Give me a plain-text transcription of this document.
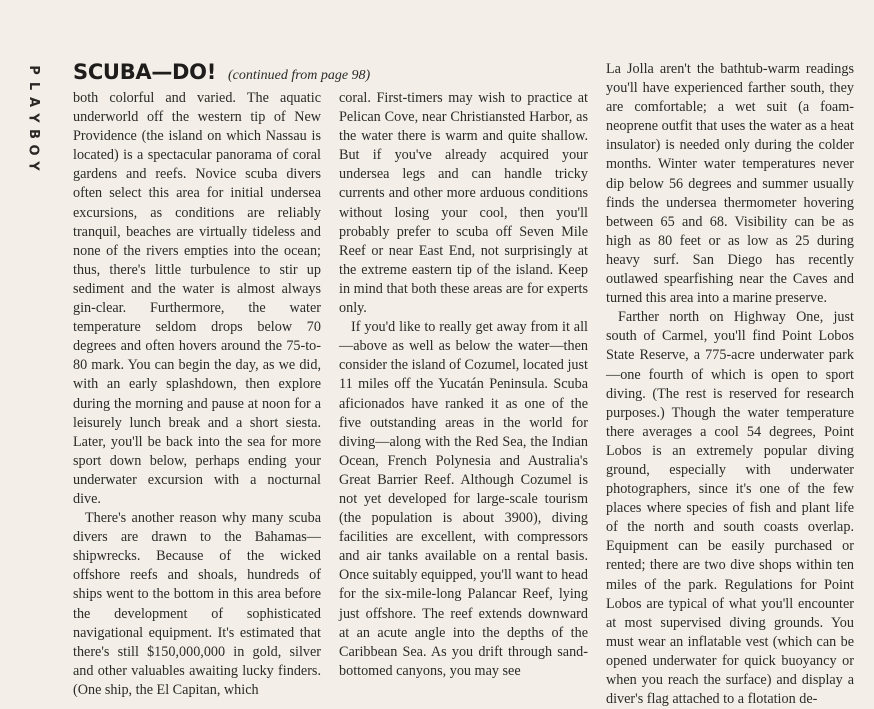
P
L
A
Y
B
O
Y
SCUBA—DO! (continued from page 98)

both colorful and varied. The aquatic underworld off the western tip of New Providence (the island on which Nassau is located) is a spectacular panorama of coral gardens and reefs. Novice scuba divers often select this area for initial undersea excursions, as conditions are reliably tranquil, beaches are virtually tideless and none of the rivers empties into the ocean; thus, there's little turbulence to stir up sediment and the water is almost always gin-clear. Furthermore, the water temperature seldom drops below 70 degrees and often hovers around the 75-to-80 mark. You can begin the day, as we did, with an early splashdown, then explore during the morning and pause at noon for a leisurely lunch break and a short siesta. Later, you'll be back into the sea for more sport down below, perhaps ending your underwater excursion with a nocturnal dive.

There's another reason why many scuba divers are drawn to the Bahamas—shipwrecks. Because of the wicked offshore reefs and shoals, hundreds of ships went to the bottom in this area before the development of sophisticated navigational equipment. It's estimated that there's still $150,000,000 in gold, silver and other valuables awaiting lucky finders. (One ship, the El Capitan, which

coral. First-timers may wish to practice at Pelican Cove, near Christiansted Harbor, as the water there is warm and quite shallow. But if you've already acquired your undersea legs and can handle tricky currents and other more arduous conditions without losing your cool, then you'll probably prefer to scuba off Seven Mile Reef or near East End, not surprisingly at the extreme eastern tip of the island. Keep in mind that both these areas are for experts only.

If you'd like to really get away from it all—above as well as below the water—then consider the island of Cozumel, located just 11 miles off the Yucatán Peninsula. Scuba aficionados have ranked it as one of the five outstanding areas in the world for diving—along with the Red Sea, the Indian Ocean, French Polynesia and Australia's Great Barrier Reef. Although Cozumel is not yet developed for large-scale tourism (the population is about 3900), diving facilities are excellent, with compressors and air tanks available on a rental basis. Once suitably equipped, you'll want to head for the six-mile-long Palancar Reef, lying just offshore. The reef extends downward at an acute angle into the depths of the Caribbean Sea. As you drift through sand-bottomed canyons, you may see

La Jolla aren't the bathtub-warm readings you'll have experienced farther south, they are comfortable; a wet suit (a foam-neoprene outfit that uses the water as a heat insulator) is needed only during the colder months. Winter water temperatures never dip below 56 degrees and summer usually finds the undersea thermometer hovering between 65 and 68. Visibility can be as high as 80 feet or as low as 25 during heavy surf. San Diego has recently outlawed spearfishing near the Caves and turned this area into a marine preserve.

Farther north on Highway One, just south of Carmel, you'll find Point Lobos State Reserve, a 775-acre underwater park—one fourth of which is open to sport diving. (The rest is reserved for research purposes.) Though the water temperature there averages a cool 54 degrees, Point Lobos is an extremely popular diving ground, especially with underwater photographers, since it's one of the few places where species of fish and plant life of the north and south coasts overlap. Equipment can be easily purchased or rented; there are two dive shops within ten miles of the park. Regulations for Point Lobos are typical of what you'll encounter at most supervised diving grounds. You must wear an inflatable vest (which can be opened underwater for quick buoyancy or when you reach the surface) and display a diver's flag attached to a flotation de-
